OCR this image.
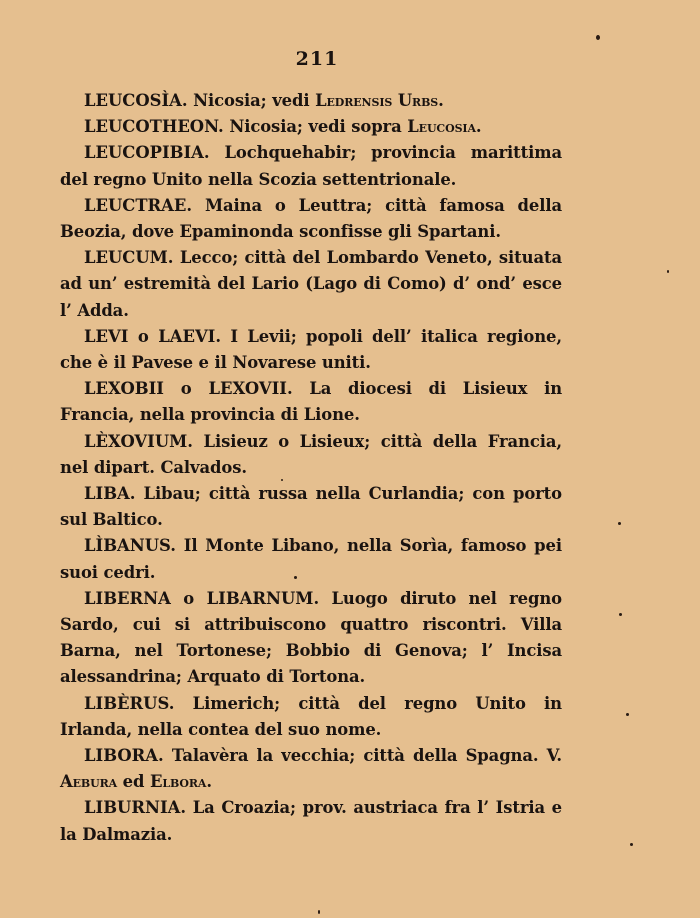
211

LEUCOSÌA. Nicosia; vedi Ledrensis Urbs.

LEUCOTHEON. Nicosia; vedi sopra Leucosia.

LEUCOPIBIA. Lochquehabir; provincia marittima del regno Unito nella Scozia settentrionale.

LEUCTRAE. Maina o Leuttra; città famosa della Beozia, dove Epaminonda sconfisse gli Spartani.

LEUCUM. Lecco; città del Lombardo Veneto, situata ad un’ estremità del Lario (Lago di Como) d’ ond’ esce l’ Adda.

LEVI o LAEVI. I Levii; popoli dell’ italica regione, che è il Pavese e il Novarese uniti.

LEXOBII o LEXOVII. La diocesi di Lisieux in Francia, nella provincia di Lione.

LÈXOVIUM. Lisieuz o Lisieux; città della Francia, nel dipart. Calvados.

LIBA. Libau; città russa nella Curlandia; con porto sul Baltico.

LÌBANUS. Il Monte Libano, nella Sorìa, famoso pei suoi cedri.

LIBERNA o LIBARNUM. Luogo diruto nel regno Sardo, cui si attribuiscono quattro riscontri. Villa Barna, nel Tortonese; Bobbio di Genova; l’ Incisa alessandrina; Arquato di Tortona.

LIBÈRUS. Limerich; città del regno Unito in Irlanda, nella contea del suo nome.

LIBORA. Talavèra la vecchia; città della Spagna. V. Aebura ed Elbora.

LIBURNIA. La Croazia; prov. austriaca fra l’ Istria e la Dalmazia.
